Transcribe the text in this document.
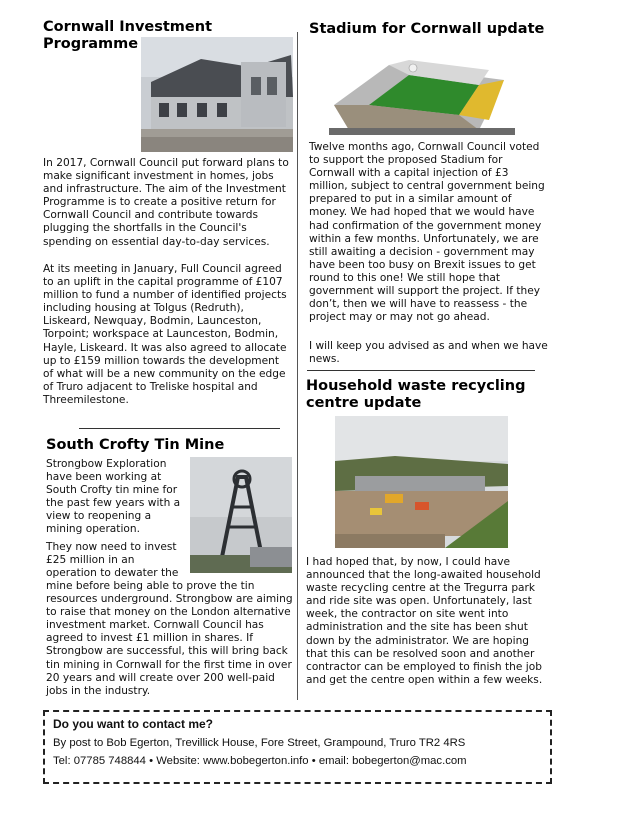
Cornwall Investment Programme

In 2017, Cornwall Council put forward plans to make significant investment in homes, jobs and infrastructure. The aim of the Investment Programme is to create a positive return for Cornwall Council and contribute towards plugging the shortfalls in the Council's spending on essential day-to-day services.

At its meeting in January, Full Council agreed to an uplift in the capital programme of £107 million to fund a number of identified projects including housing at Tolgus (Redruth), Liskeard, Newquay, Bodmin, Launceston, Torpoint; workspace at Launceston, Bodmin, Hayle, Liskeard. It was also agreed to allocate up to £159 million towards the development of what will be a new community on the edge of Truro adjacent to Treliske hospital and Threemilestone.

South Crofty Tin Mine

Strongbow Exploration have been working at South Crofty tin mine for the past few years with a view to reopening a mining operation.

They now need to invest £25 million in an operation to dewater the

mine before being able to prove the tin resources underground. Strongbow are aiming to raise that money on the London alternative investment market. Cornwall Council has agreed to invest £1 million in shares. If Strongbow are successful, this will bring back tin mining in Cornwall for the first time in over 20 years and will create over 200 well-paid jobs in the industry.

Stadium for Cornwall update

Twelve months ago, Cornwall Council voted to support the proposed Stadium for Cornwall with a capital injection of £3 million, subject to central government being prepared to put in a similar amount of money. We had hoped that we would have had confirmation of the government money within a few months. Unfortunately, we are still awaiting a decision - government may have been too busy on Brexit issues to get round to this one! We still hope that government will support the project. If they don’t, then we will have to reassess - the project may or may not go ahead.

I will keep you advised as and when we have news.

Household waste recycling centre update

I had hoped that, by now, I could have announced that the long-awaited household waste recycling centre at the Tregurra park and ride site was open. Unfortunately, last week, the contractor on site went into administration and the site has been shut down by the administrator. We are hoping that this can be resolved soon and another contractor can be employed to finish the job and get the centre open within a few weeks.

Do you want to contact me?
By post to Bob Egerton, Trevillick House, Fore Street, Grampound, Truro TR2 4RS
Tel: 07785 748844 • Website: www.bobegerton.info • email: bobegerton@mac.com
